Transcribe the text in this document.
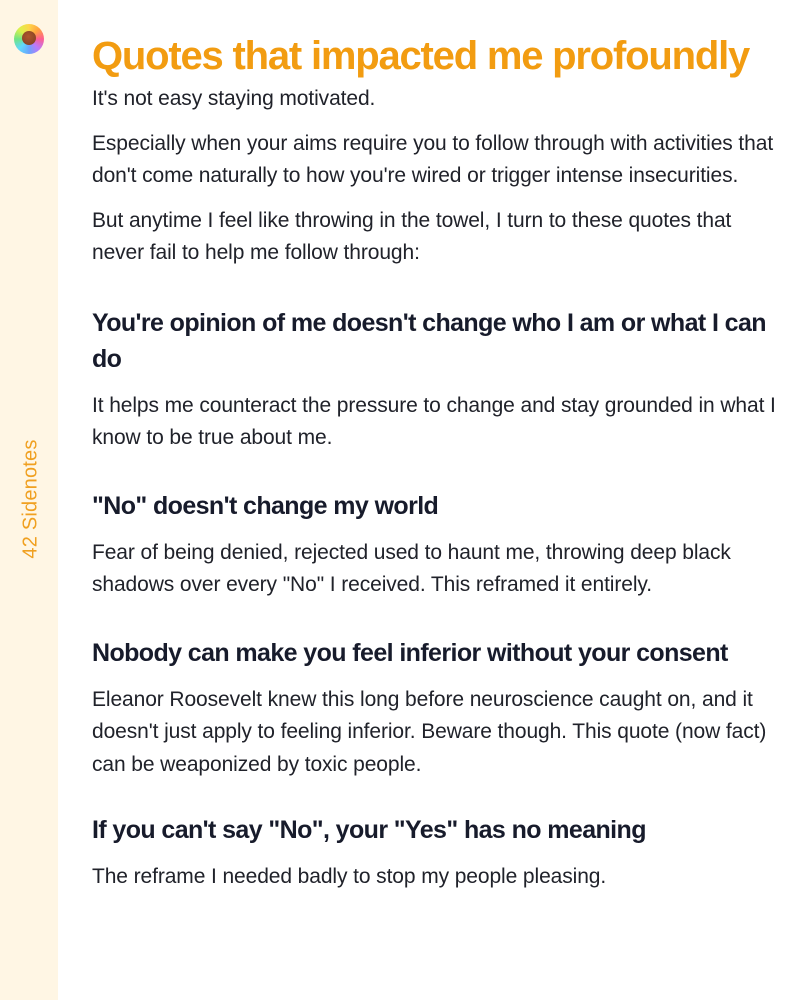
42 Sidenotes
Quotes that impacted me profoundly

It's not easy staying motivated.

Especially when your aims require you to follow through with activities that don't come naturally to how you're wired or trigger intense insecurities.

But anytime I feel like throwing in the towel, I turn to these quotes that never fail to help me follow through:

You're opinion of me doesn't change who I am or what I can do

It helps me counteract the pressure to change and stay grounded in what I know to be true about me.

"No" doesn't change my world

Fear of being denied, rejected used to haunt me, throwing deep black shadows over every "No" I received. This reframed it entirely.

Nobody can make you feel inferior without your consent

Eleanor Roosevelt knew this long before neuroscience caught on, and it doesn't just apply to feeling inferior. Beware though. This quote (now fact) can be weaponized by toxic people.

If you can't say "No", your "Yes" has no meaning

The reframe I needed badly to stop my people pleasing.
